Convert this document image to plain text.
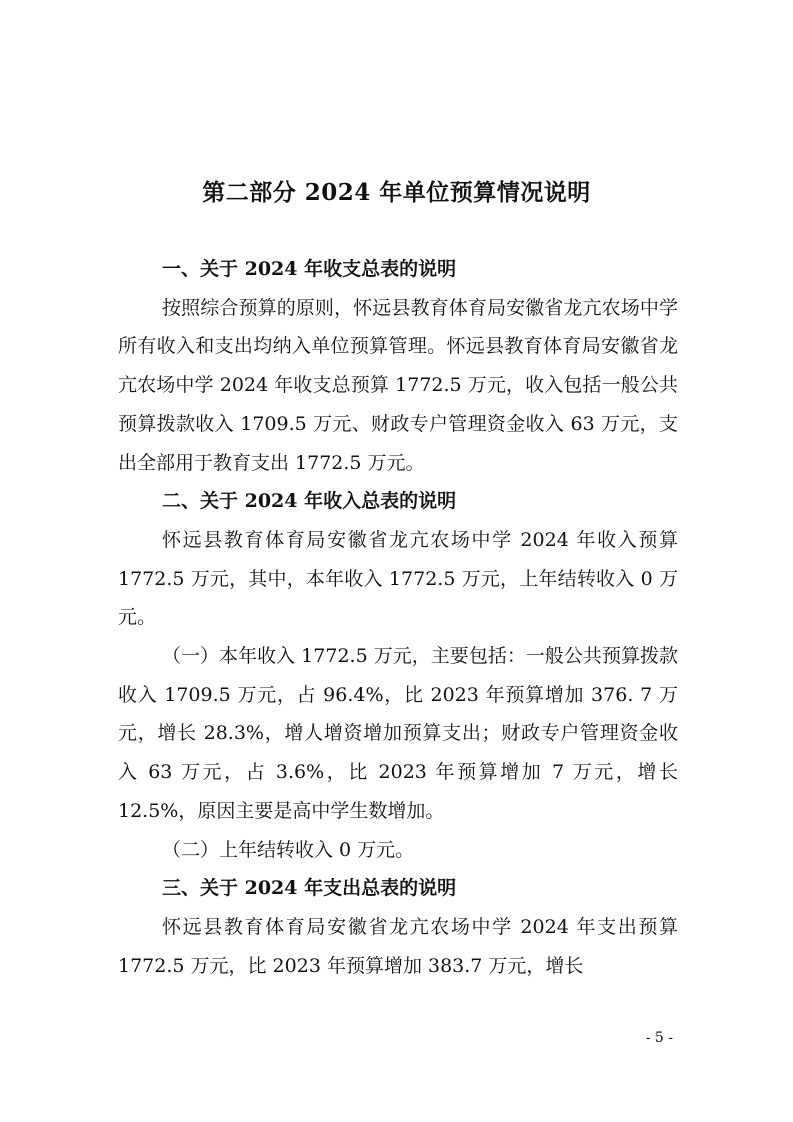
第二部分 2024 年单位预算情况说明

一、关于 2024 年收支总表的说明

按照综合预算的原则，怀远县教育体育局安徽省龙亢农场中学所有收入和支出均纳入单位预算管理。怀远县教育体育局安徽省龙亢农场中学 2024 年收支总预算 1772.5 万元，收入包括一般公共预算拨款收入 1709.5 万元、财政专户管理资金收入 63 万元，支出全部用于教育支出 1772.5 万元。

二、关于 2024 年收入总表的说明

怀远县教育体育局安徽省龙亢农场中学 2024 年收入预算 1772.5 万元，其中，本年收入 1772.5 万元，上年结转收入 0 万元。

（一）本年收入 1772.5 万元，主要包括：一般公共预算拨款收入 1709.5 万元，占 96.4%，比 2023 年预算增加 376. 7 万元，增长 28.3%，增人增资增加预算支出；财政专户管理资金收入 63 万元，占 3.6%，比 2023 年预算增加 7 万元，增长 12.5%，原因主要是高中学生数增加。

（二）上年结转收入 0 万元。

三、关于 2024 年支出总表的说明

怀远县教育体育局安徽省龙亢农场中学 2024 年支出预算 1772.5 万元，比 2023 年预算增加 383.7 万元，增长

- 5 -
